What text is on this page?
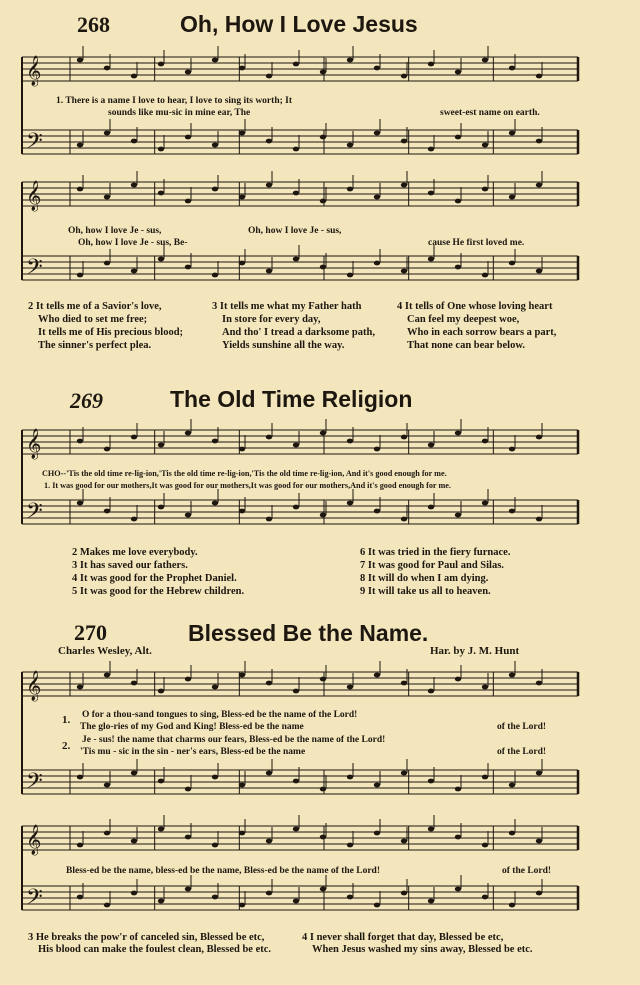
𝄞
𝄢
𝄞
𝄢
𝄞
𝄢
𝄞
𝄢
𝄞
𝄢
268	Oh, How I Love Jesus
1. There is a name I love to hear, I love to sing its worth; It
sounds like mu-sic in mine ear, The	sweet-est name on earth.
Oh, how I love Je - sus,	Oh, how I love Je - sus,
Oh, how I love Je - sus, Be-	cause He first loved me.
2 It tells me of a Savior's love,
Who died to set me free;
It tells me of His precious blood;
The sinner's perfect plea.
3 It tells me what my Father hath
In store for every day,
And tho' I tread a darksome path,
Yields sunshine all the way.
4 It tells of One whose loving heart
Can feel my deepest woe,
Who in each sorrow bears a part,
That none can bear below.
269	The Old Time Religion
CHO--'Tis the old time re-lig-ion,'Tis the old time re-lig-ion,'Tis the old time re-lig-ion, And it's good enough for me.
1. It was good for our mothers,It was good for our mothers,It was good for our mothers,And it's good enough for me.
2 Makes me love everybody.
3 It has saved our fathers.
4 It was good for the Prophet Daniel.
5 It was good for the Hebrew children.
6 It was tried in the fiery furnace.
7 It was good for Paul and Silas.
8 It will do when I am dying.
9 It will take us all to heaven.
270	Blessed Be the Name.
Charles Wesley, Alt.	Har. by J. M. Hunt
1.
2.
O for a thou-sand tongues to sing, Bless-ed be the name of the Lord!
The glo-ries of my God and King! Bless-ed be the name
Je - sus! the name that charms our fears, Bless-ed be the name of the Lord!
'Tis mu - sic in the sin - ner's ears, Bless-ed be the name
of the Lord!
of the Lord!
Bless-ed be the name, bless-ed be the name, Bless-ed be the name of the Lord!	of the Lord!
3 He breaks the pow'r of canceled sin, Blessed be etc,
His blood can make the foulest clean, Blessed be etc.
4 I never shall forget that day, Blessed be etc,
When Jesus washed my sins away, Blessed be etc.
